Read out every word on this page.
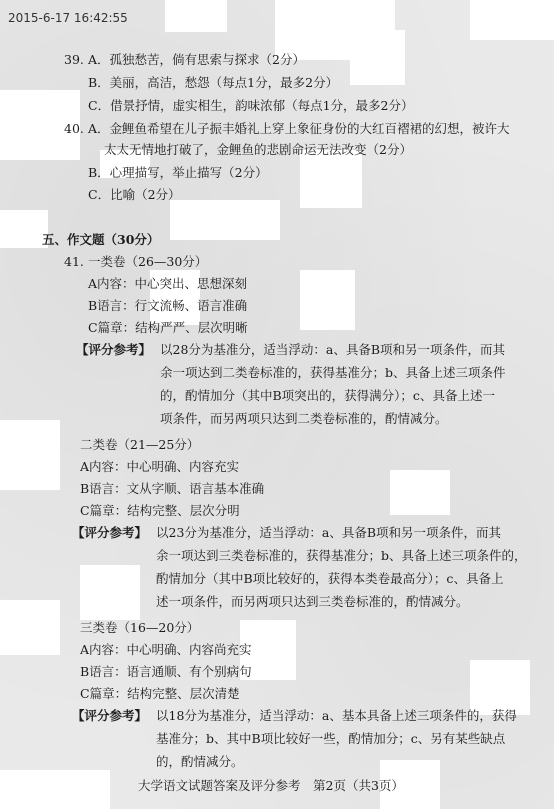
2015-6-17 16:42:55
39. A．孤独愁苦，倘有思索与探求（2分）
B．美丽，高洁，愁怨（每点1分，最多2分）
C．借景抒情，虚实相生，韵味浓郁（每点1分，最多2分）
40. A．金鲤鱼希望在儿子振丰婚礼上穿上象征身份的大红百褶裙的幻想，被许大
太太无情地打破了，金鲤鱼的悲剧命运无法改变（2分）
B．心理描写，举止描写（2分）
C．比喻（2分）
五、作文题（30分）
41. 一类卷（26—30分）
A内容：中心突出、思想深刻
B语言：行文流畅、语言准确
C篇章：结构严严、层次明晰
【评分参考】 以28分为基准分，适当浮动：a、具备B项和另一项条件，而其
余一项达到二类卷标准的，获得基准分；b、具备上述三项条件
的，酌情加分（其中B项突出的，获得满分）；c、具备上述一
项条件，而另两项只达到二类卷标准的，酌情减分。
二类卷（21—25分）
A内容：中心明确、内容充实
B语言：文从字顺、语言基本准确
C篇章：结构完整、层次分明
【评分参考】 以23分为基准分，适当浮动：a、具备B项和另一项条件，而其
余一项达到三类卷标准的，获得基准分；b、具备上述三项条件的，
酌情加分（其中B项比较好的，获得本类卷最高分）；c、具备上
述一项条件，而另两项只达到三类卷标准的，酌情减分。
三类卷（16—20分）
A内容：中心明确、内容尚充实
B语言：语言通顺、有个别病句
C篇章：结构完整、层次清楚
【评分参考】 以18分为基准分，适当浮动：a、基本具备上述三项条件的，获得
基准分；b、其中B项比较好一些，酌情加分；c、另有某些缺点
的，酌情减分。
大学语文试题答案及评分参考　第2页（共3页）
